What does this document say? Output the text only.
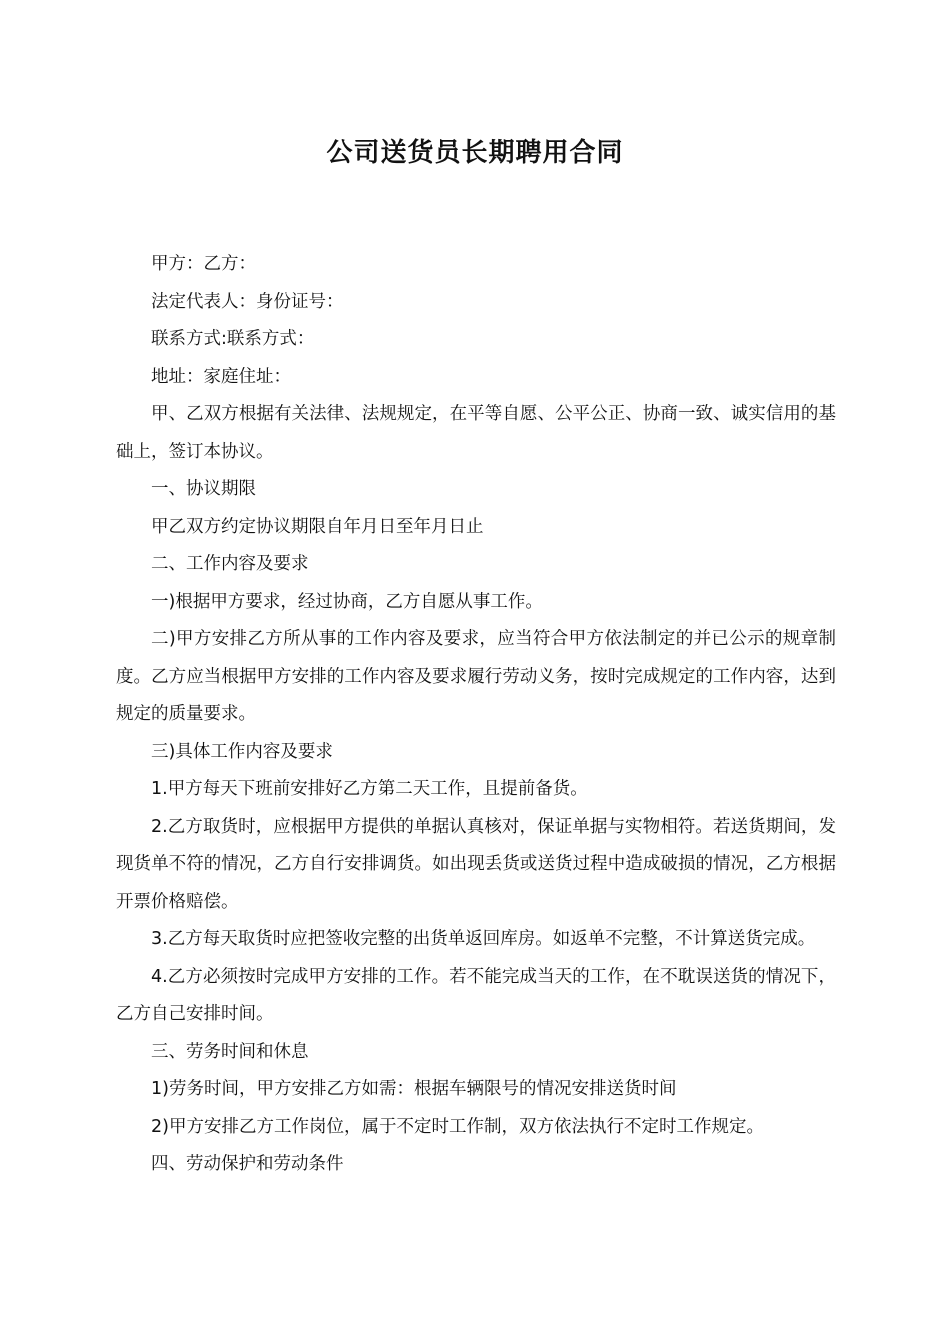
公司送货员长期聘用合同

甲方：乙方：

法定代表人：身份证号：

联系方式:联系方式：

地址：家庭住址：

甲、乙双方根据有关法律、法规规定，在平等自愿、公平公正、协商一致、诚实信用的基础上，签订本协议。

一、协议期限

甲乙双方约定协议期限自年月日至年月日止

二、工作内容及要求

一)根据甲方要求，经过协商，乙方自愿从事工作。

二)甲方安排乙方所从事的工作内容及要求，应当符合甲方依法制定的并已公示的规章制度。乙方应当根据甲方安排的工作内容及要求履行劳动义务，按时完成规定的工作内容，达到规定的质量要求。

三)具体工作内容及要求

1.甲方每天下班前安排好乙方第二天工作，且提前备货。

2.乙方取货时，应根据甲方提供的单据认真核对，保证单据与实物相符。若送货期间，发现货单不符的情况，乙方自行安排调货。如出现丢货或送货过程中造成破损的情况，乙方根据开票价格赔偿。

3.乙方每天取货时应把签收完整的出货单返回库房。如返单不完整，不计算送货完成。

4.乙方必须按时完成甲方安排的工作。若不能完成当天的工作，在不耽误送货的情况下，乙方自己安排时间。

三、劳务时间和休息

1)劳务时间，甲方安排乙方如需：根据车辆限号的情况安排送货时间

2)甲方安排乙方工作岗位，属于不定时工作制，双方依法执行不定时工作规定。

四、劳动保护和劳动条件
